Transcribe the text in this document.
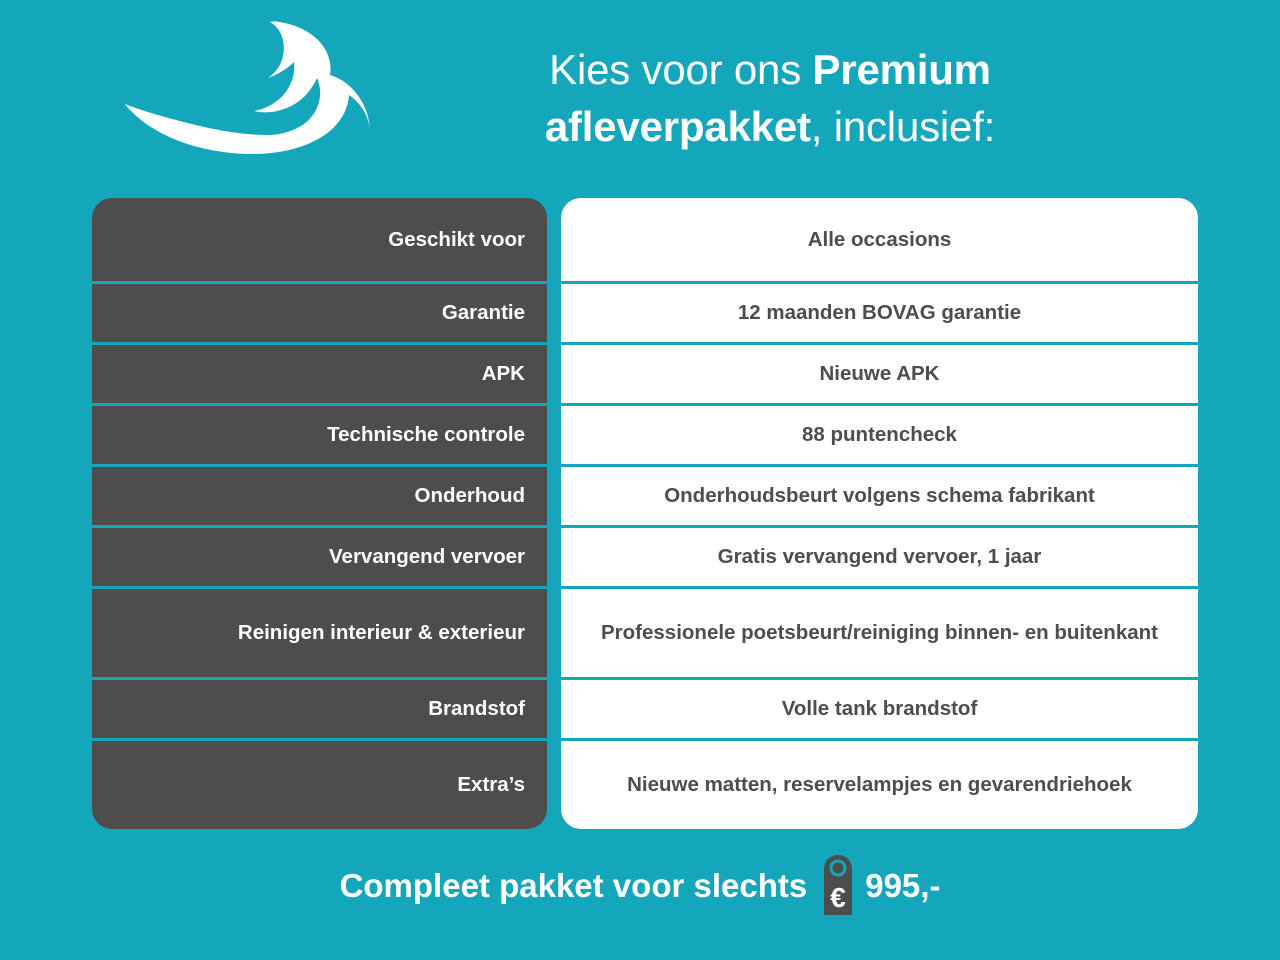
Kies voor ons Premium
afleverpakket, inclusief:
Geschikt voor	Alle occasions
Garantie	12 maanden BOVAG garantie
APK	Nieuwe APK
Technische controle	88 puntencheck
Onderhoud	Onderhoudsbeurt volgens schema fabrikant
Vervangend vervoer	Gratis vervangend vervoer, 1 jaar
Reinigen interieur & exterieur	Professionele poetsbeurt/reiniging binnen- en buitenkant
Brandstof	Volle tank brandstof
Extra’s	Nieuwe matten, reservelampjes en gevarendriehoek
Compleet pakket voor slechts € 995,-
